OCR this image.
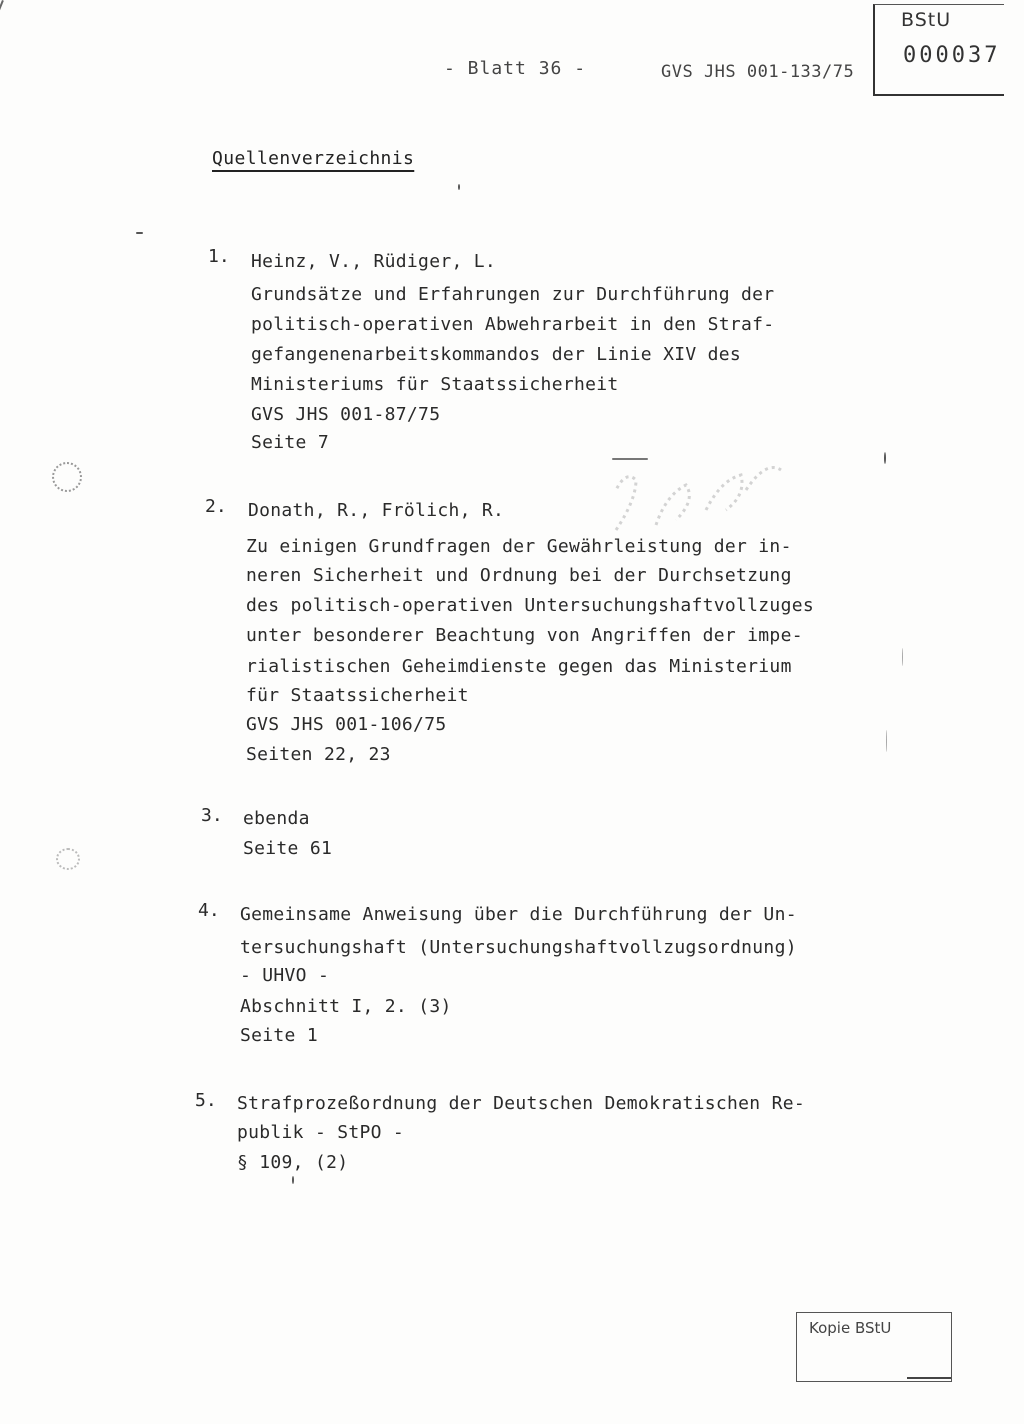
BStU
000037
- Blatt 36 -	GVS JHS 001-133/75
Quellenverzeichnis
1. Heinz, V., Rüdiger, L.
Grundsätze und Erfahrungen zur Durchführung der
politisch-operativen Abwehrarbeit in den Straf-
gefangenenarbeitskommandos der Linie XIV des
Ministeriums für Staatssicherheit
GVS JHS 001-87/75
Seite 7
2. Donath, R., Frölich, R.
Zu einigen Grundfragen der Gewährleistung der in-
neren Sicherheit und Ordnung bei der Durchsetzung
des politisch-operativen Untersuchungshaftvollzuges
unter besonderer Beachtung von Angriffen der impe-
rialistischen Geheimdienste gegen das Ministerium
für Staatssicherheit
GVS JHS 001-106/75
Seiten 22, 23
3. ebenda
Seite 61
4. Gemeinsame Anweisung über die Durchführung der Un-
tersuchungshaft (Untersuchungshaftvollzugsordnung)
- UHVO -
Abschnitt I, 2. (3)
Seite 1
5. Strafprozeßordnung der Deutschen Demokratischen Re-
publik - StPO -
§ 109, (2)
Kopie BStU
